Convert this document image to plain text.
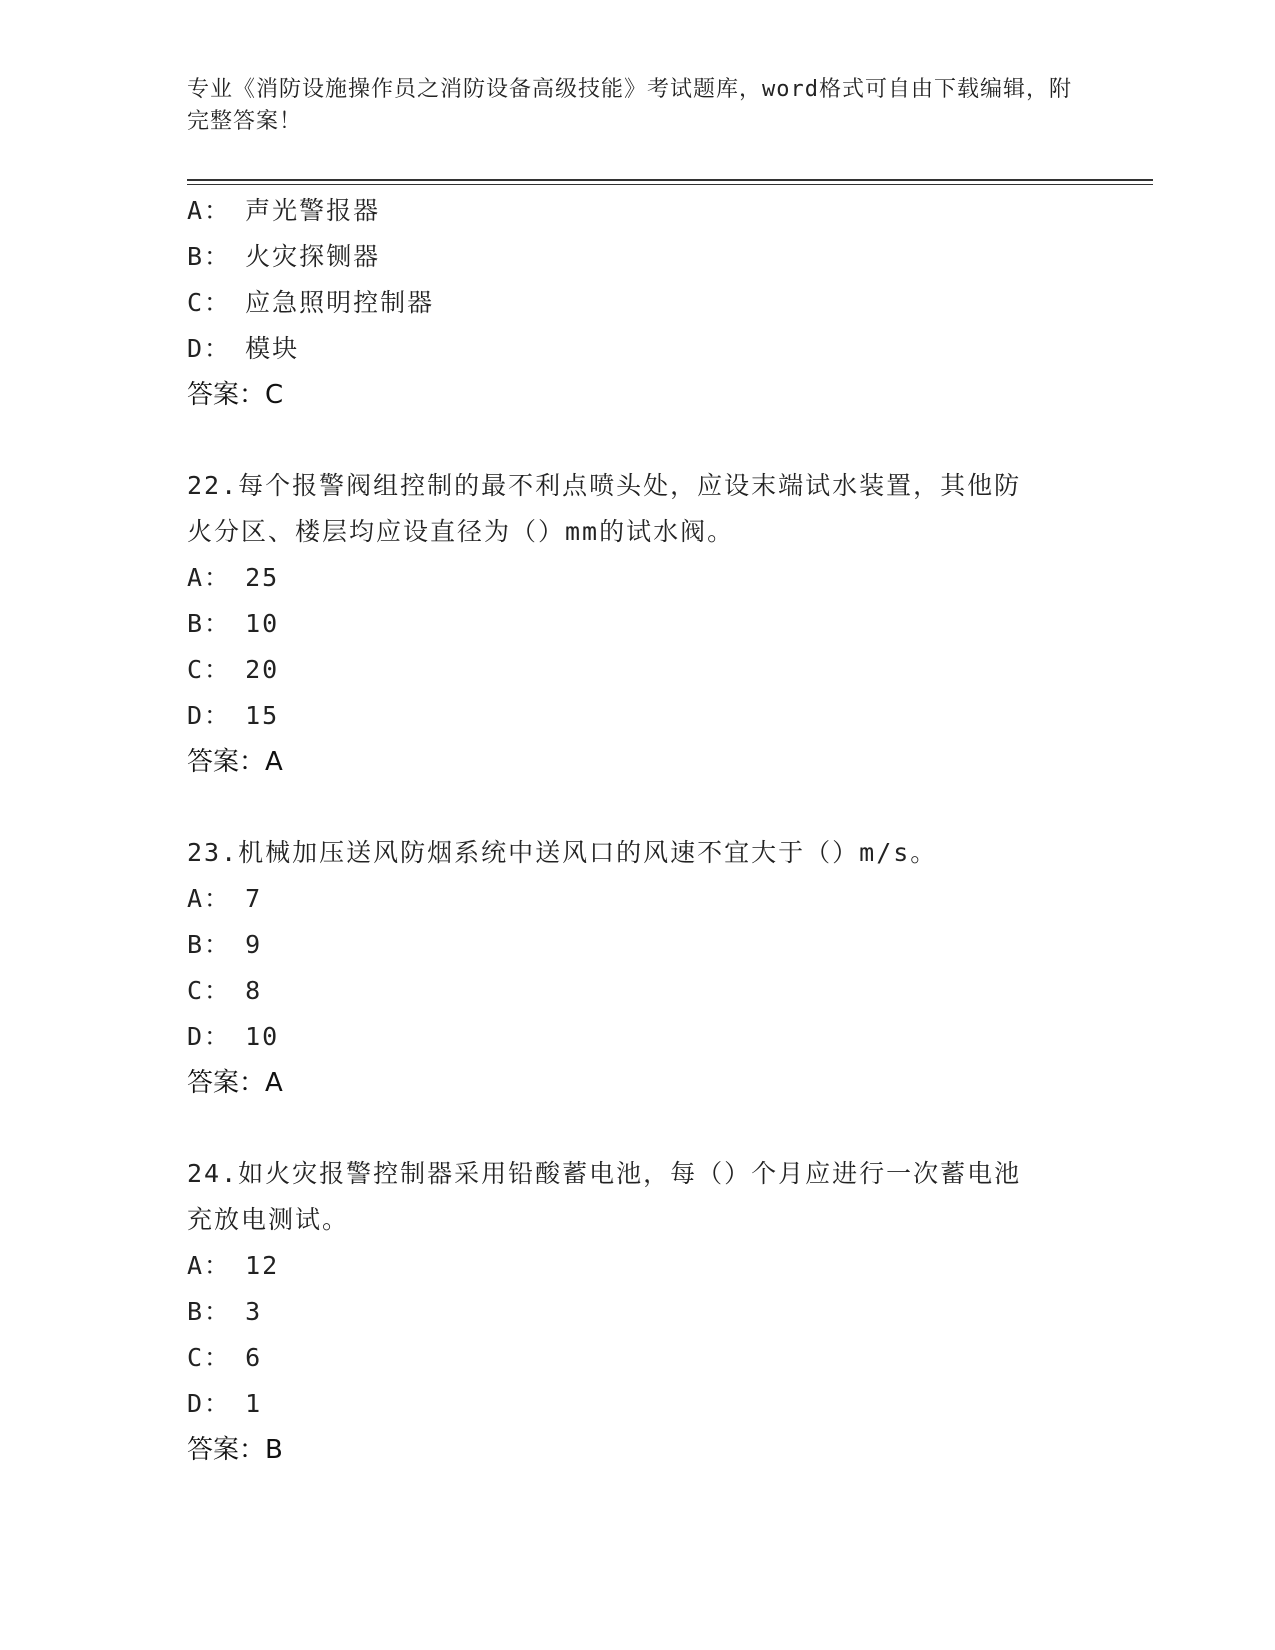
专业《消防设施操作员之消防设备高级技能》考试题库，word格式可自由下载编辑，附完整答案！
A： 声光警报器
B： 火灾探铡器
C： 应急照明控制器
D： 模块
答案：C
22.每个报警阀组控制的最不利点喷头处，应设末端试水装置，其他防
火分区、楼层均应设直径为（）mm的试水阀。
A： 25
B： 10
C： 20
D： 15
答案：A
23.机械加压送风防烟系统中送风口的风速不宜大于（）m/s。
A： 7
B： 9
C： 8
D： 10
答案：A
24.如火灾报警控制器采用铅酸蓄电池，每（）个月应进行一次蓄电池
充放电测试。
A： 12
B： 3
C： 6
D： 1
答案：B
